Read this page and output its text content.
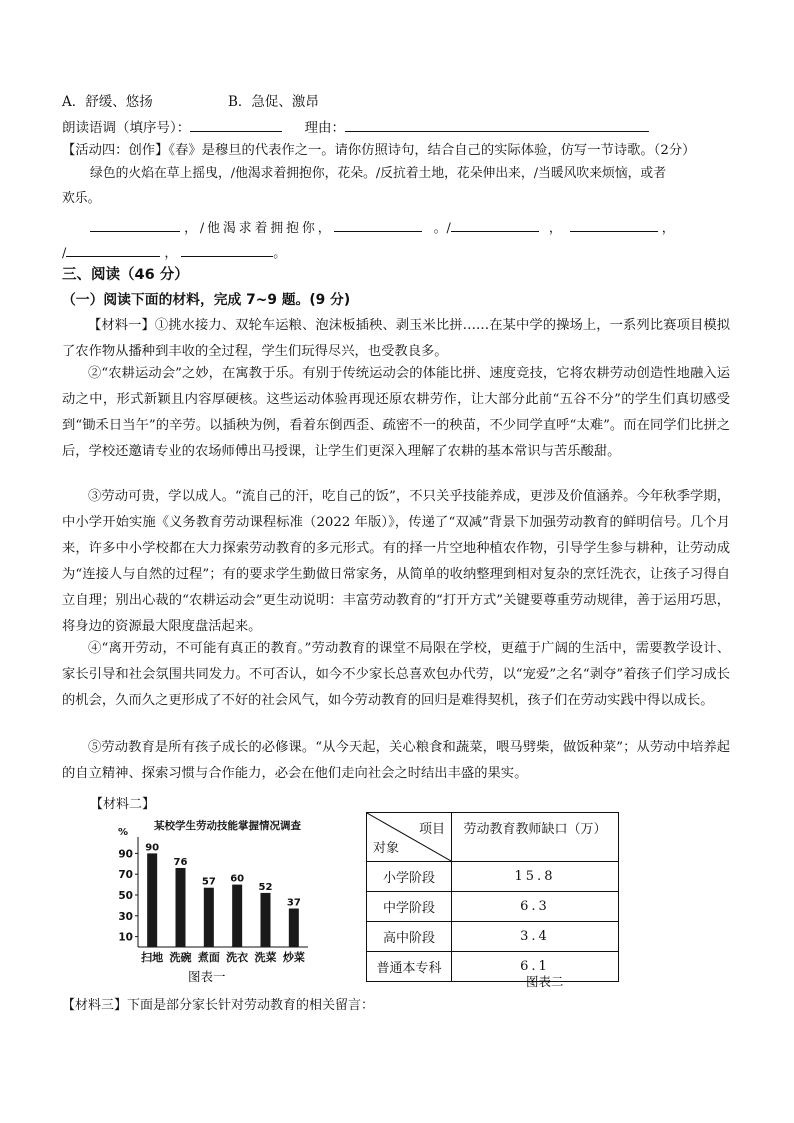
A．舒缓、悠扬	B．急促、激昂
朗读语调（填序号）：	理由：
【活动四：创作】《春》是穆旦的代表作之一。请你仿照诗句，结合自己的实际体验，仿写一节诗歌。（2分）
绿色的火焰在草上摇曳，/他渴求着拥抱你，花朵。/反抗着土地，花朵伸出来，/当暖风吹来烦恼，或者
欢乐。
，/他渴求着拥抱你，	。/	，	，
/	，	。
三、阅读（46 分）
（一）阅读下面的材料，完成 7~9 题。(9 分)
【材料一】①挑水接力、双轮车运粮、泡沫板插秧、剥玉米比拼……在某中学的操场上，一系列比赛项目模拟了农作物从播种到丰收的全过程，学生们玩得尽兴，也受教良多。
②“农耕运动会”之妙，在寓教于乐。有别于传统运动会的体能比拼、速度竞技，它将农耕劳动创造性地融入运动之中，形式新颖且内容厚硬核。这些运动体验再现还原农耕劳作，让大部分此前“五谷不分”的学生们真切感受到“锄禾日当午”的辛劳。以插秧为例，看着东倒西歪、疏密不一的秧苗，不少同学直呼“太难”。而在同学们比拼之后，学校还邀请专业的农场师傅出马授课，让学生们更深入理解了农耕的基本常识与苦乐酸甜。
③劳动可贵，学以成人。“流自己的汗，吃自己的饭”，不只关乎技能养成，更涉及价值涵养。今年秋季学期，中小学开始实施《义务教育劳动课程标准（2022 年版）》，传递了“双减”背景下加强劳动教育的鲜明信号。几个月来，许多中小学校都在大力探索劳动教育的多元形式。有的择一片空地种植农作物，引导学生参与耕种，让劳动成为“连接人与自然的过程”；有的要求学生勤做日常家务，从简单的收纳整理到相对复杂的烹饪洗衣，让孩子习得自立自理；别出心裁的“农耕运动会”更生动说明：丰富劳动教育的“打开方式”关键要尊重劳动规律，善于运用巧思，将身边的资源最大限度盘活起来。
④“离开劳动，不可能有真正的教育。”劳动教育的课堂不局限在学校，更蕴于广阔的生活中，需要教学设计、家长引导和社会氛围共同发力。不可否认，如今不少家长总喜欢包办代劳，以“宠爱”之名“剥夺”着孩子们学习成长的机会，久而久之更形成了不好的社会风气，如今劳动教育的回归是难得契机，孩子们在劳动实践中得以成长。
⑤劳动教育是所有孩子成长的必修课。“从今天起，关心粮食和蔬菜，喂马劈柴，做饭种菜”；从劳动中培养起的自立精神、探索习惯与合作能力，必会在他们走向社会之时结出丰盛的果实。
【材料二】
某校学生劳动技能掌握情况调查
%
10
30
50
70
90
90
扫地
76
洗碗
57
煮面
60
洗衣
52
洗菜
37
炒菜
图表一
项目
对象	劳动教育教师缺口（万）
小学阶段	15.8
中学阶段	6.3
高中阶段	3.4
普通本专科	6.1
图表二
【材料三】下面是部分家长针对劳动教育的相关留言：
